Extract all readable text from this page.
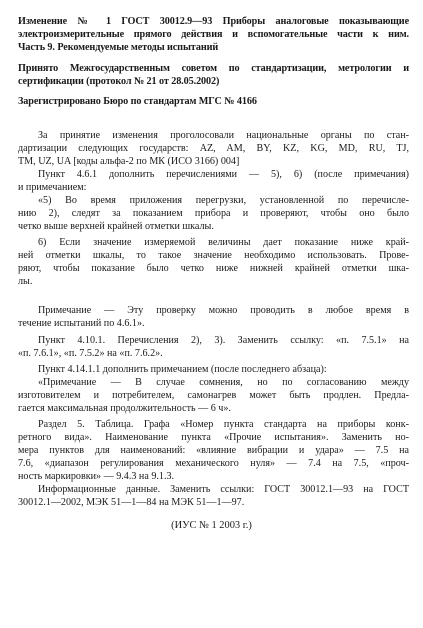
Изменение № 1 ГОСТ 30012.9—93 Приборы аналоговые показывающие
электроизмерительные прямого действия и вспомогательные части к ним.
Часть 9. Рекомендуемые методы испытаний
Принято Межгосударственным советом по стандартизации, метрологии и
сертификации (протокол № 21 от 28.05.2002)
Зарегистрировано Бюро по стандартам МГС № 4166
За принятие изменения проголосовали национальные органы по стан-
дартизации следующих государств: AZ, AM, BY, KZ, KG, MD, RU, TJ,
TM, UZ, UA [коды альфа-2 по МК (ИСО 3166) 004]
Пункт 4.6.1 дополнить перечислениями — 5), 6) (после примечания)
и примечанием:
«5) Во время приложения перегрузки, установленной по перечисле-
нию 2), следят за показанием прибора и проверяют, чтобы оно было
четко выше верхней крайней отметки шкалы.
6) Если значение измеряемой величины дает показание ниже край-
ней отметки шкалы, то такое значение необходимо использовать. Прове-
ряют, чтобы показание было четко ниже нижней крайней отметки шка-
лы.
Примечание — Эту проверку можно проводить в любое время в
течение испытаний по 4.6.1».
Пункт 4.10.1. Перечисления 2), 3). Заменить ссылку: «п. 7.5.1» на
«п. 7.6.1», «п. 7.5.2» на «п. 7.6.2».
Пункт 4.14.1.1 дополнить примечанием (после последнего абзаца):
«Примечание — В случае сомнения, но по согласованию между
изготовителем и потребителем, самонагрев может быть продлен. Предла-
гается максимальная продолжительность — 6 ч».
Раздел 5. Таблица. Графа «Номер пункта стандарта на приборы конк-
ретного вида». Наименование пункта «Прочие испытания». Заменить но-
мера пунктов для наименований: «влияние вибрации и удара» — 7.5 на
7.6, «диапазон регулирования механического нуля» — 7.4 на 7.5, «проч-
ность маркировки» — 9.4.3 на 9.1.3.
Информационные данные. Заменить ссылки: ГОСТ 30012.1—93 на ГОСТ
30012.1—2002, МЭК 51—1—84 на МЭК 51—1—97.
(ИУС № 1 2003 г.)
